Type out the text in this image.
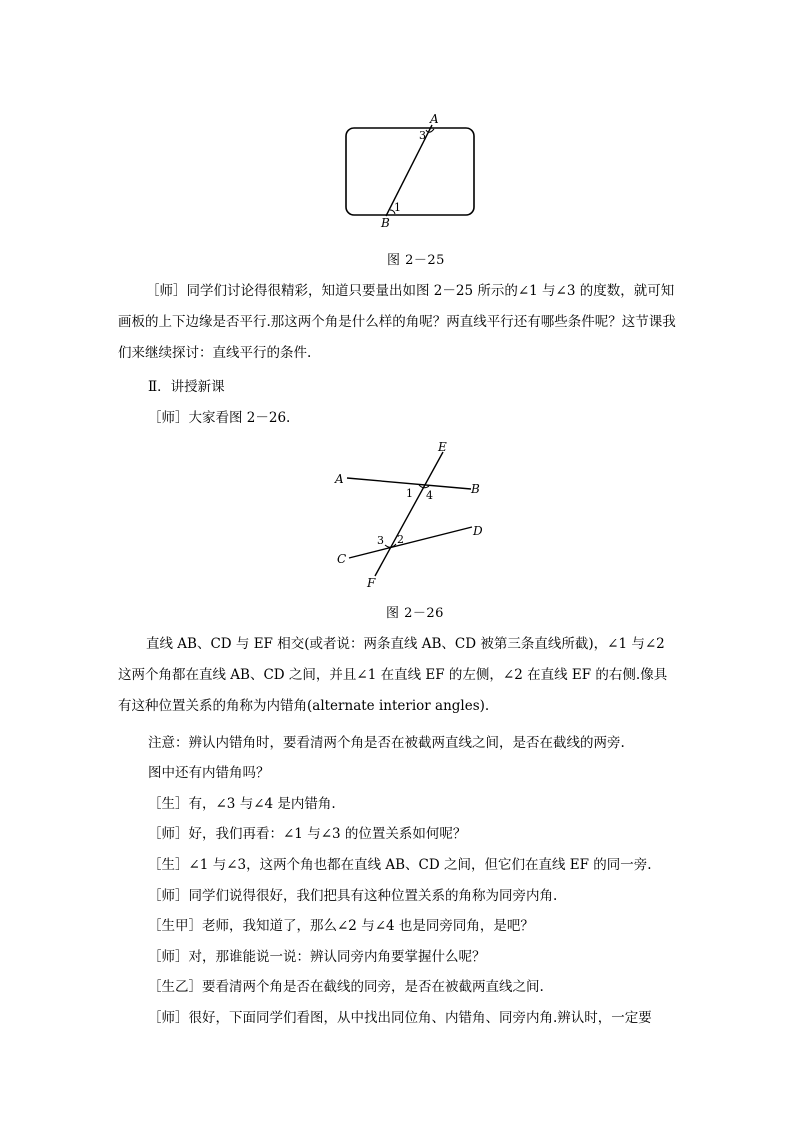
A
3
1
B
图 2－25
［师］同学们讨论得很精彩，知道只要量出如图 2－25 所示的∠1 与∠3 的度数，就可知画板的上下边缘是否平行.那这两个角是什么样的角呢？两直线平行还有哪些条件呢？这节课我们来继续探讨：直线平行的条件.
Ⅱ．讲授新课
［师］大家看图 2－26.
E
A
B
1 4
3 2
D
C
F
图 2－26
直线 AB、CD 与 EF 相交(或者说：两条直线 AB、CD 被第三条直线所截)，∠1 与∠2 这两个角都在直线 AB、CD 之间，并且∠1 在直线 EF 的左侧，∠2 在直线 EF 的右侧.像具有这种位置关系的角称为内错角(alternate interior angles).
注意：辨认内错角时，要看清两个角是否在被截两直线之间，是否在截线的两旁.
图中还有内错角吗？
［生］有，∠3 与∠4 是内错角.
［师］好，我们再看：∠1 与∠3 的位置关系如何呢？
［生］∠1 与∠3，这两个角也都在直线 AB、CD 之间，但它们在直线 EF 的同一旁.
［师］同学们说得很好，我们把具有这种位置关系的角称为同旁内角.
［生甲］老师，我知道了，那么∠2 与∠4 也是同旁同角，是吧？
［师］对，那谁能说一说：辨认同旁内角要掌握什么呢？
［生乙］要看清两个角是否在截线的同旁，是否在被截两直线之间.
［师］很好，下面同学们看图，从中找出同位角、内错角、同旁内角.辨认时，一定要
